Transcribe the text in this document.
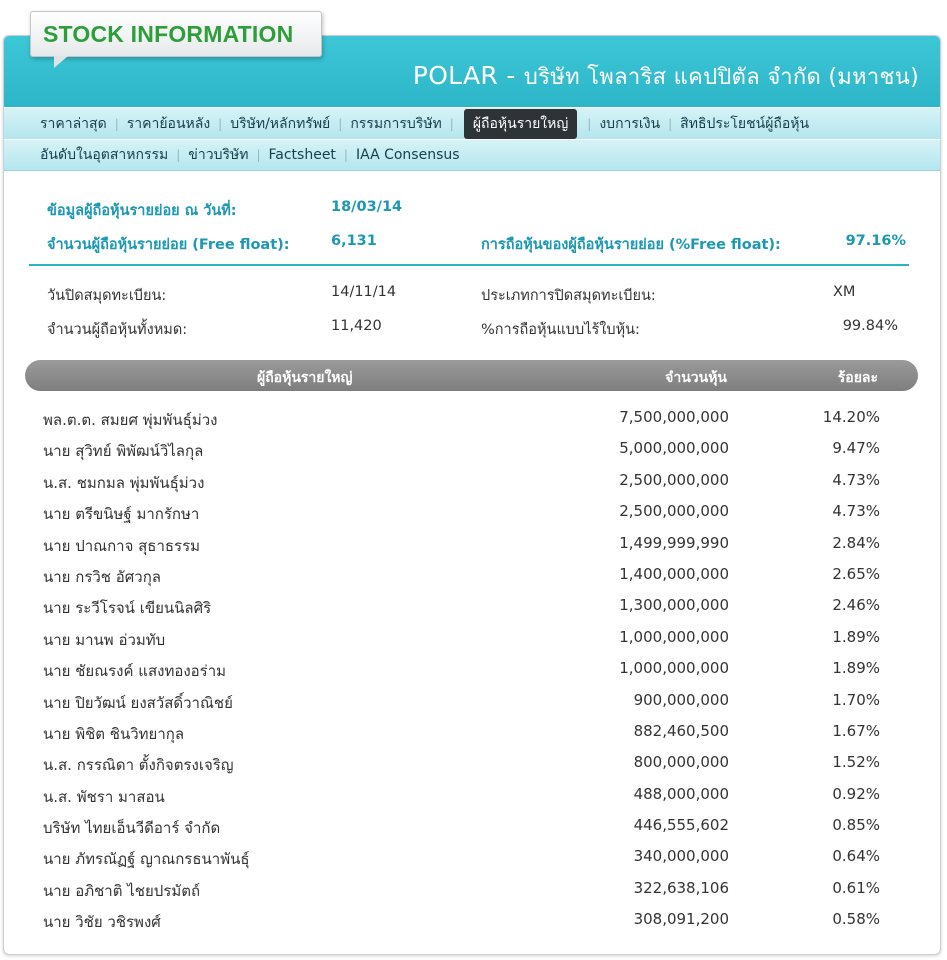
POLAR - บริษัท โพลาริส แคปปิตัล จำกัด (มหาชน)
STOCK INFORMATION
ราคาล่าสุด | ราคาย้อนหลัง | บริษัท/หลักทรัพย์ | กรรมการบริษัท |	ผู้ถือหุ้นรายใหญ่	| งบการเงิน | สิทธิประโยชน์ผู้ถือหุ้น
อันดับในอุตสาหกรรม | ข่าวบริษัท | Factsheet | IAA Consensus
ข้อมูลผู้ถือหุ้นรายย่อย ณ วันที่:	18/03/14
จำนวนผู้ถือหุ้นรายย่อย (Free float):	6,131	การถือหุ้นของผู้ถือหุ้นรายย่อย (%Free float):	97.16%
วันปิดสมุดทะเบียน:	14/11/14	ประเภทการปิดสมุดทะเบียน:	XM
จำนวนผู้ถือหุ้นทั้งหมด:	11,420	%การถือหุ้นแบบไร้ใบหุ้น:	99.84%
ผู้ถือหุ้นรายใหญ่	จำนวนหุ้น	ร้อยละ
พล.ต.ต. สมยศ พุ่มพันธุ์ม่วง	7,500,000,000	14.20%
นาย สุวิทย์ พิพัฒน์วิไลกุล	5,000,000,000	9.47%
น.ส. ชมกมล พุ่มพันธุ์ม่วง	2,500,000,000	4.73%
นาย ตรีขนิษฐ์ มากรักษา	2,500,000,000	4.73%
นาย ปาณกาจ สุธาธรรม	1,499,999,990	2.84%
นาย กรวิช อัศวกุล	1,400,000,000	2.65%
นาย ระวีโรจน์ เขียนนิลศิริ	1,300,000,000	2.46%
นาย มานพ อ่วมทับ	1,000,000,000	1.89%
นาย ชัยณรงค์ แสงทองอร่าม	1,000,000,000	1.89%
นาย ปิยวัฒน์ ยงสวัสดิ์วาณิชย์	900,000,000	1.70%
นาย พิชิต ชินวิทยากุล	882,460,500	1.67%
น.ส. กรรณิดา ตั้งกิจตรงเจริญ	800,000,000	1.52%
น.ส. พัชรา มาสอน	488,000,000	0.92%
บริษัท ไทยเอ็นวีดีอาร์ จำกัด	446,555,602	0.85%
นาย ภัทรณัฏฐ์ ญาณกรธนาพันธุ์	340,000,000	0.64%
นาย อภิชาติ ไชยปรมัตถ์	322,638,106	0.61%
นาย วิชัย วชิรพงศ์	308,091,200	0.58%
